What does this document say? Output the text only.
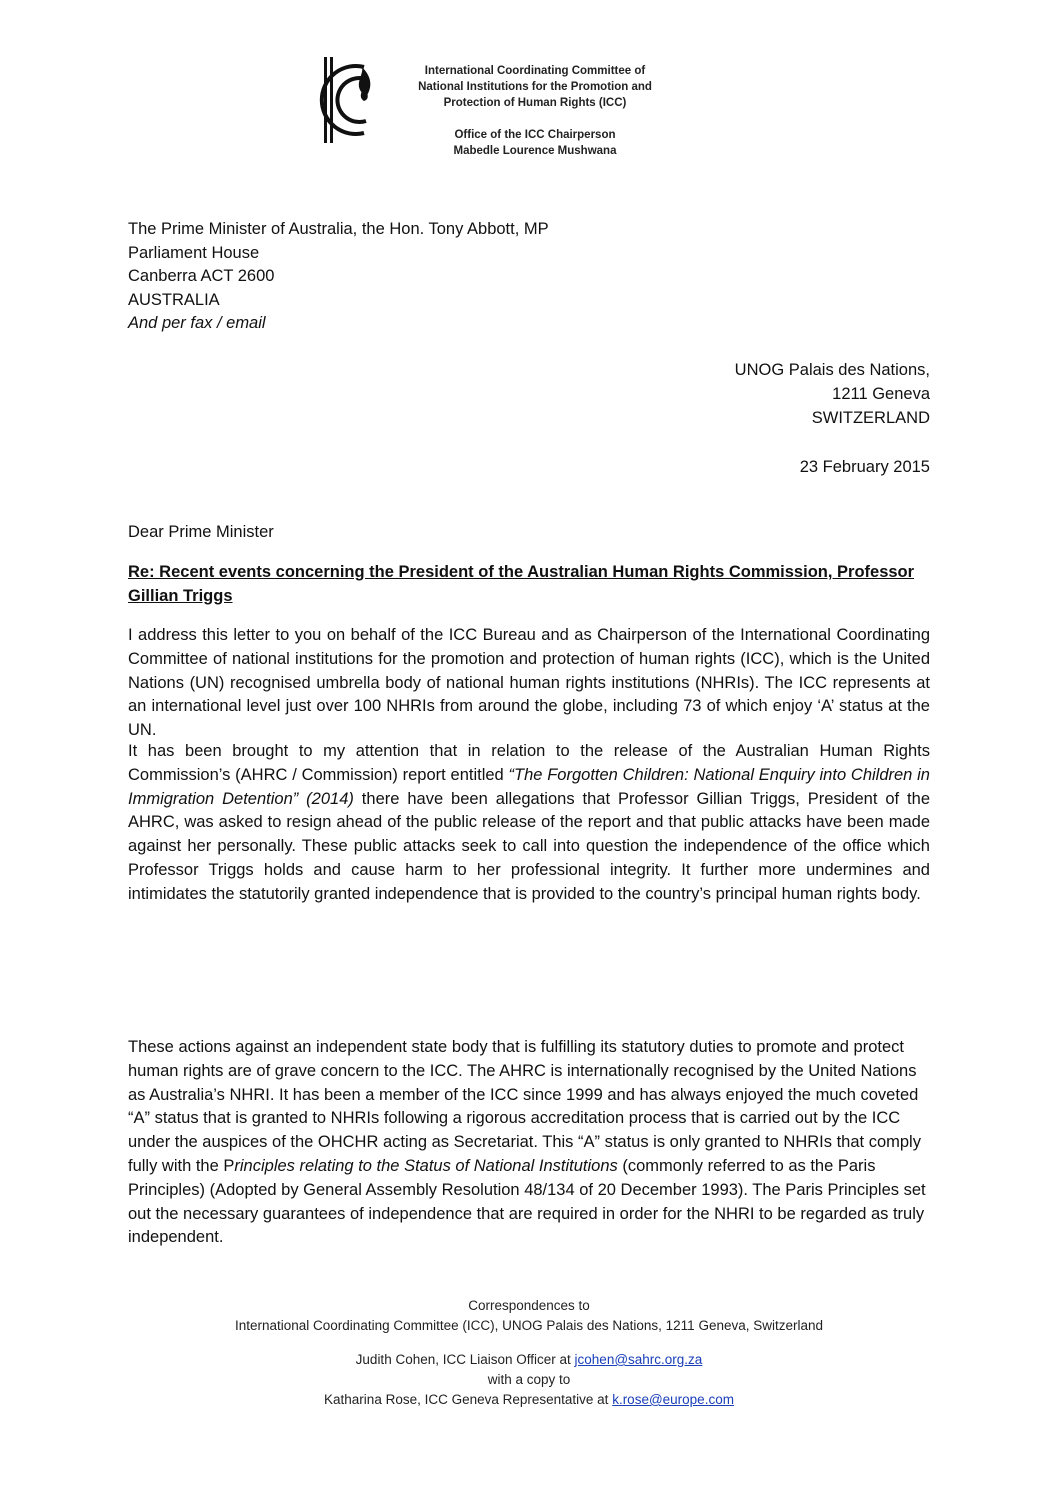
International Coordinating Committee of
National Institutions for the Promotion and
Protection of Human Rights (ICC)
Office of the ICC Chairperson
Mabedle Lourence Mushwana
The Prime Minister of Australia, the Hon. Tony Abbott, MP
Parliament House
Canberra ACT 2600
AUSTRALIA
And per fax / email
UNOG Palais des Nations,
1211 Geneva
SWITZERLAND
23 February 2015
Dear Prime Minister
Re: Recent events concerning the President of the Australian Human Rights Commission, Professor Gillian Triggs

I address this letter to you on behalf of the ICC Bureau and as Chairperson of the International Coordinating Committee of national institutions for the promotion and protection of human rights (ICC), which is the United Nations (UN) recognised umbrella body of national human rights institutions (NHRIs). The ICC represents at an international level just over 100 NHRIs from around the globe, including 73 of which enjoy ‘A’ status at the UN.

It has been brought to my attention that in relation to the release of the Australian Human Rights Commission’s (AHRC / Commission) report entitled “The Forgotten Children: National Enquiry into Children in Immigration Detention” (2014) there have been allegations that Professor Gillian Triggs, President of the AHRC, was asked to resign ahead of the public release of the report and that public attacks have been made against her personally. These public attacks seek to call into question the independence of the office which Professor Triggs holds and cause harm to her professional integrity. It further more undermines and intimidates the statutorily granted independence that is provided to the country’s principal human rights body.

These actions against an independent state body that is fulfilling its statutory duties to promote and protect human rights are of grave concern to the ICC. The AHRC is internationally recognised by the United Nations as Australia’s NHRI. It has been a member of the ICC since 1999 and has always enjoyed the much coveted “A” status that is granted to NHRIs following a rigorous accreditation process that is carried out by the ICC under the auspices of the OHCHR acting as Secretariat. This “A” status is only granted to NHRIs that comply fully with the Principles relating to the Status of National Institutions (commonly referred to as the Paris Principles) (Adopted by General Assembly Resolution 48/134 of 20 December 1993). The Paris Principles set out the necessary guarantees of independence that are required in order for the NHRI to be regarded as truly independent.

Correspondences to
International Coordinating Committee (ICC), UNOG Palais des Nations, 1211 Geneva, Switzerland
Judith Cohen, ICC Liaison Officer at jcohen@sahrc.org.za
with a copy to
Katharina Rose, ICC Geneva Representative at k.rose@europe.com
